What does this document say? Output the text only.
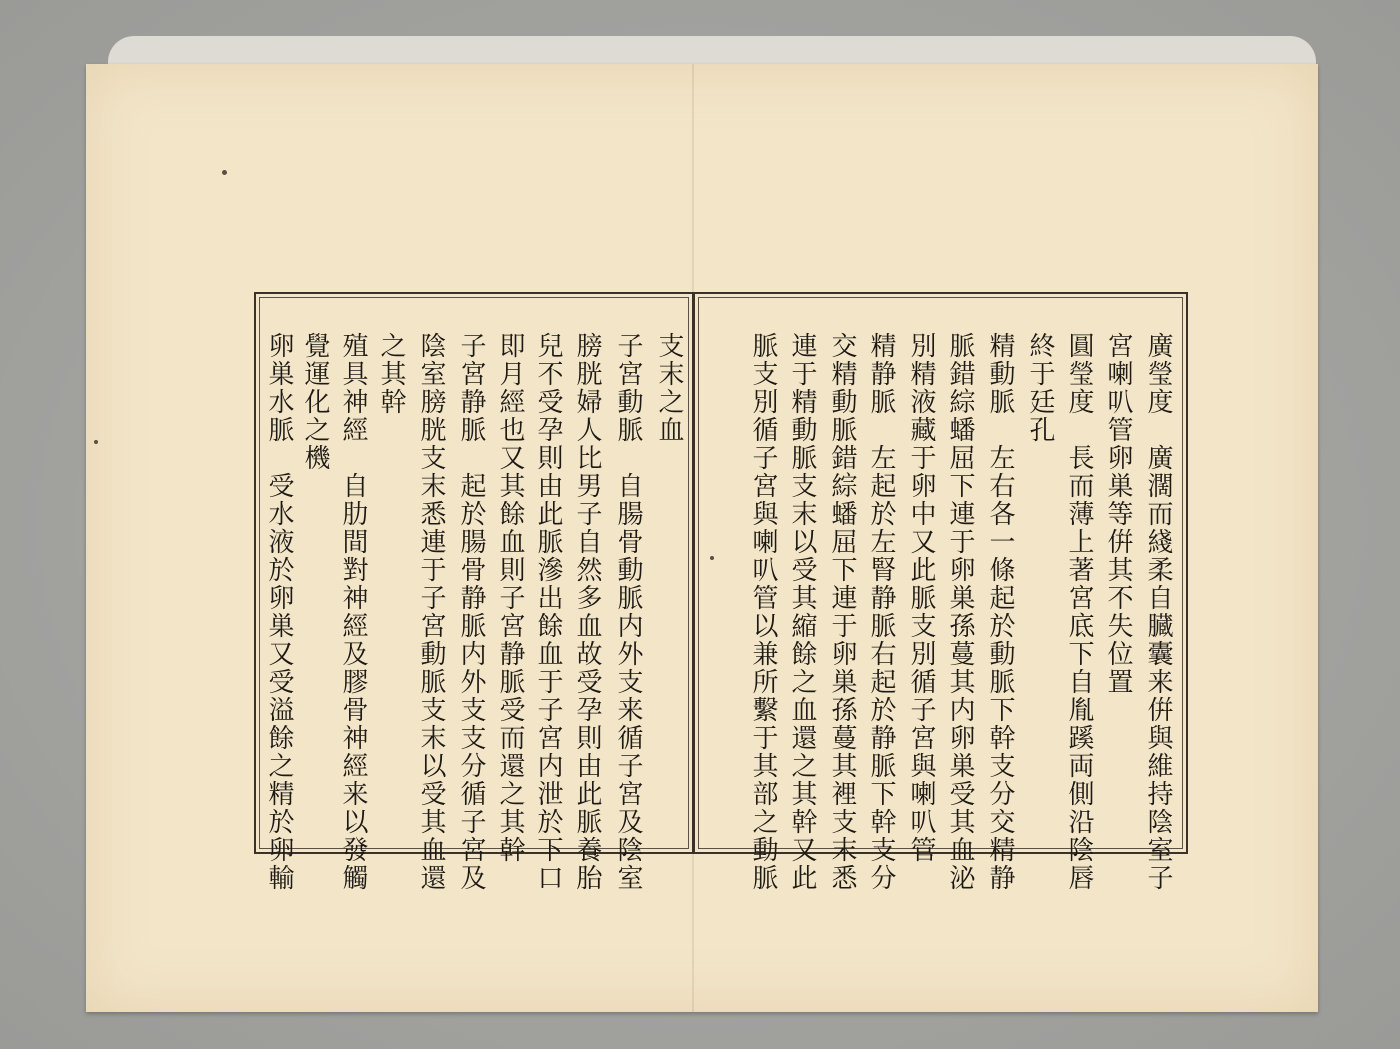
支末之血
子宮動脈　自腸骨動脈内外支来循子宮及陰室
膀胱婦人比男子自然多血故受孕則由此脈養胎
兒不受孕則由此脈滲出餘血于子宮内泄於下口
即月經也又其餘血則子宮静脈受而還之其幹
子宮静脈　起於腸骨静脈内外支支分循子宮及
陰室膀胱支末悉連于子宮動脈支末以受其血還
之其幹
殖具神經　自肋間對神經及膠骨神經来以發觸
覺運化之機
卵巣水脈　受水液於卵巣又受溢餘之精於卵輸	廣瑩度　廣濶而綫柔自臓囊来倂與維持陰室子
宮喇叭管卵巣等倂其不失位置
圓瑩度　長而薄上著宮底下自胤蹊両側沿陰唇
終于廷孔
精動脈　左右各一條起於動脈下幹支分交精静
脈錯綜蟠屈下連于卵巣孫蔓其内卵巣受其血泌
別精液藏于卵中又此脈支別循子宮與喇叭管
精静脈　左起於左腎静脈右起於静脈下幹支分
交精動脈錯綜蟠屈下連于卵巣孫蔓其裡支末悉
連于精動脈支末以受其縮餘之血還之其幹又此
脈支別循子宮與喇叭管以兼所繫于其部之動脈
